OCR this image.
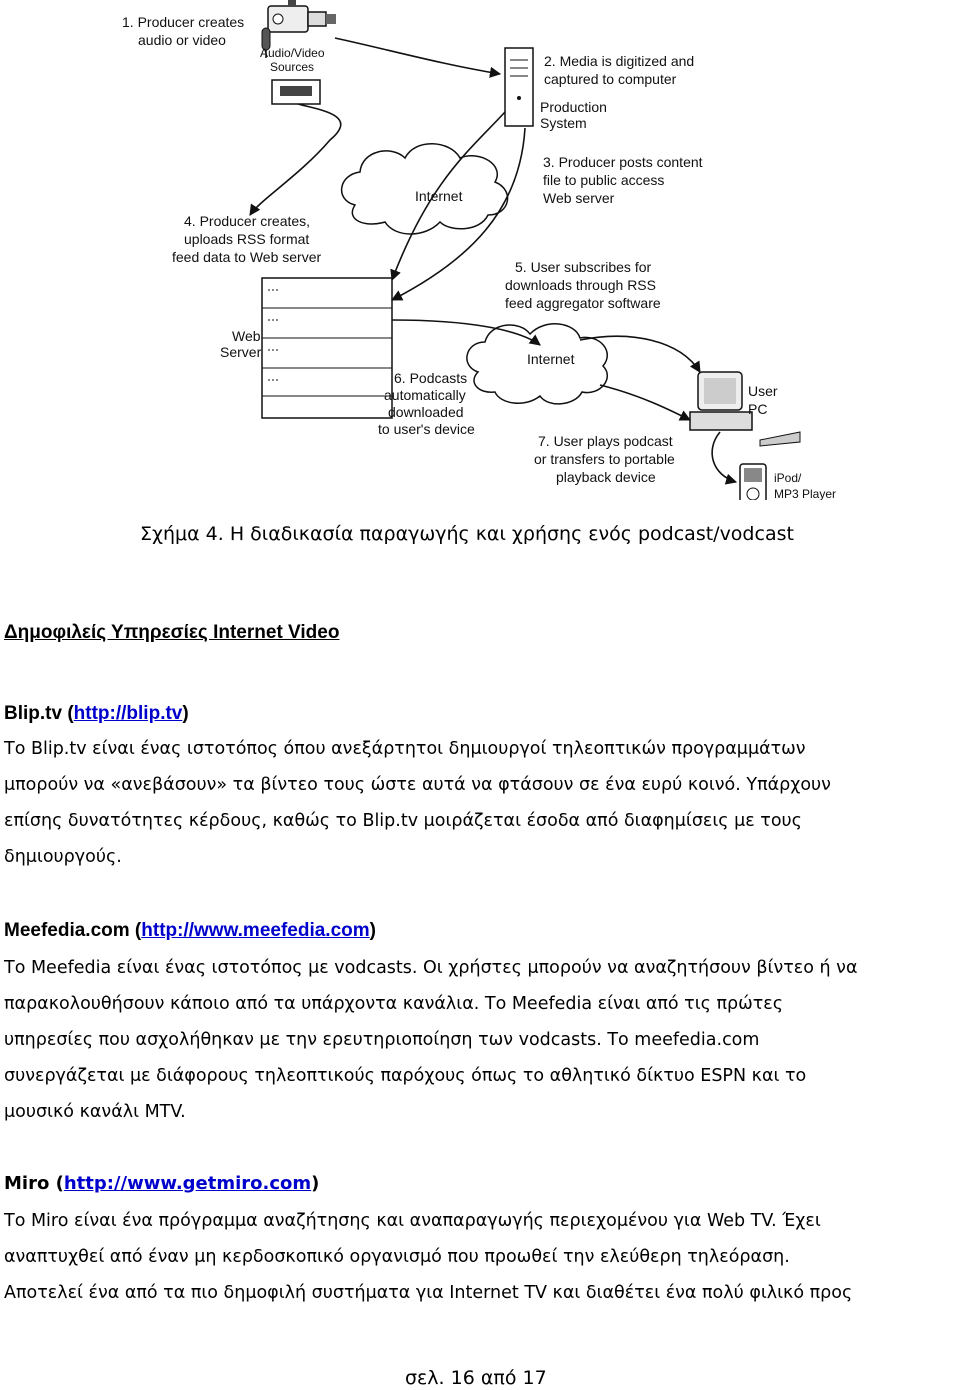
Audio/Video
Sources
1. Producer creates
audio or video
2. Media is digitized and
captured to computer
Production
System
Internet
3. Producer posts content
file to public access
Web server
4. Producer creates,
uploads RSS format
feed data to Web server
5. User subscribes for
downloads through RSS
feed aggregator software
Web
Server	Internet
6. Podcasts
automatically
downloaded
to user's device
User
PC
7. User plays podcast
or transfers to portable
playback device	iPod/
MP3 Player
Σχήμα 4. Η διαδικασία παραγωγής και χρήσης ενός podcast/vodcast
Δημοφιλείς Υπηρεσίες Internet Video
Blip.tv (http://blip.tv)
Το Blip.tv είναι ένας ιστοτόπος όπου ανεξάρτητοι δημιουργοί τηλεοπτικών προγραμμάτων
μπορούν να «ανεβάσουν» τα βίντεο τους ώστε αυτά να φτάσουν σε ένα ευρύ κοινό. Υπάρχουν
επίσης δυνατότητες κέρδους, καθώς το Blip.tv μοιράζεται έσοδα από διαφημίσεις με τους
δημιουργούς.
Meefedia.com (http://www.meefedia.com)
Το Meefedia είναι ένας ιστοτόπος με vodcasts. Οι χρήστες μπορούν να αναζητήσουν βίντεο ή να
παρακολουθήσουν κάποιο από τα υπάρχοντα κανάλια. Το Meefedia είναι από τις πρώτες
υπηρεσίες που ασχολήθηκαν με την ερευτηριοποίηση των vodcasts. Το meefedia.com
συνεργάζεται με διάφορους τηλεοπτικούς παρόχους όπως το αθλητικό δίκτυο ESPN και το
μουσικό κανάλι MTV.
Miro (http://www.getmiro.com)
Το Miro είναι ένα πρόγραμμα αναζήτησης και αναπαραγωγής περιεχομένου για Web TV. Έχει
αναπτυχθεί από έναν μη κερδοσκοπικό οργανισμό που προωθεί την ελεύθερη τηλεόραση.
Αποτελεί ένα από τα πιο δημοφιλή συστήματα για Internet TV και διαθέτει ένα πολύ φιλικό προς
σελ. 16 από 17
